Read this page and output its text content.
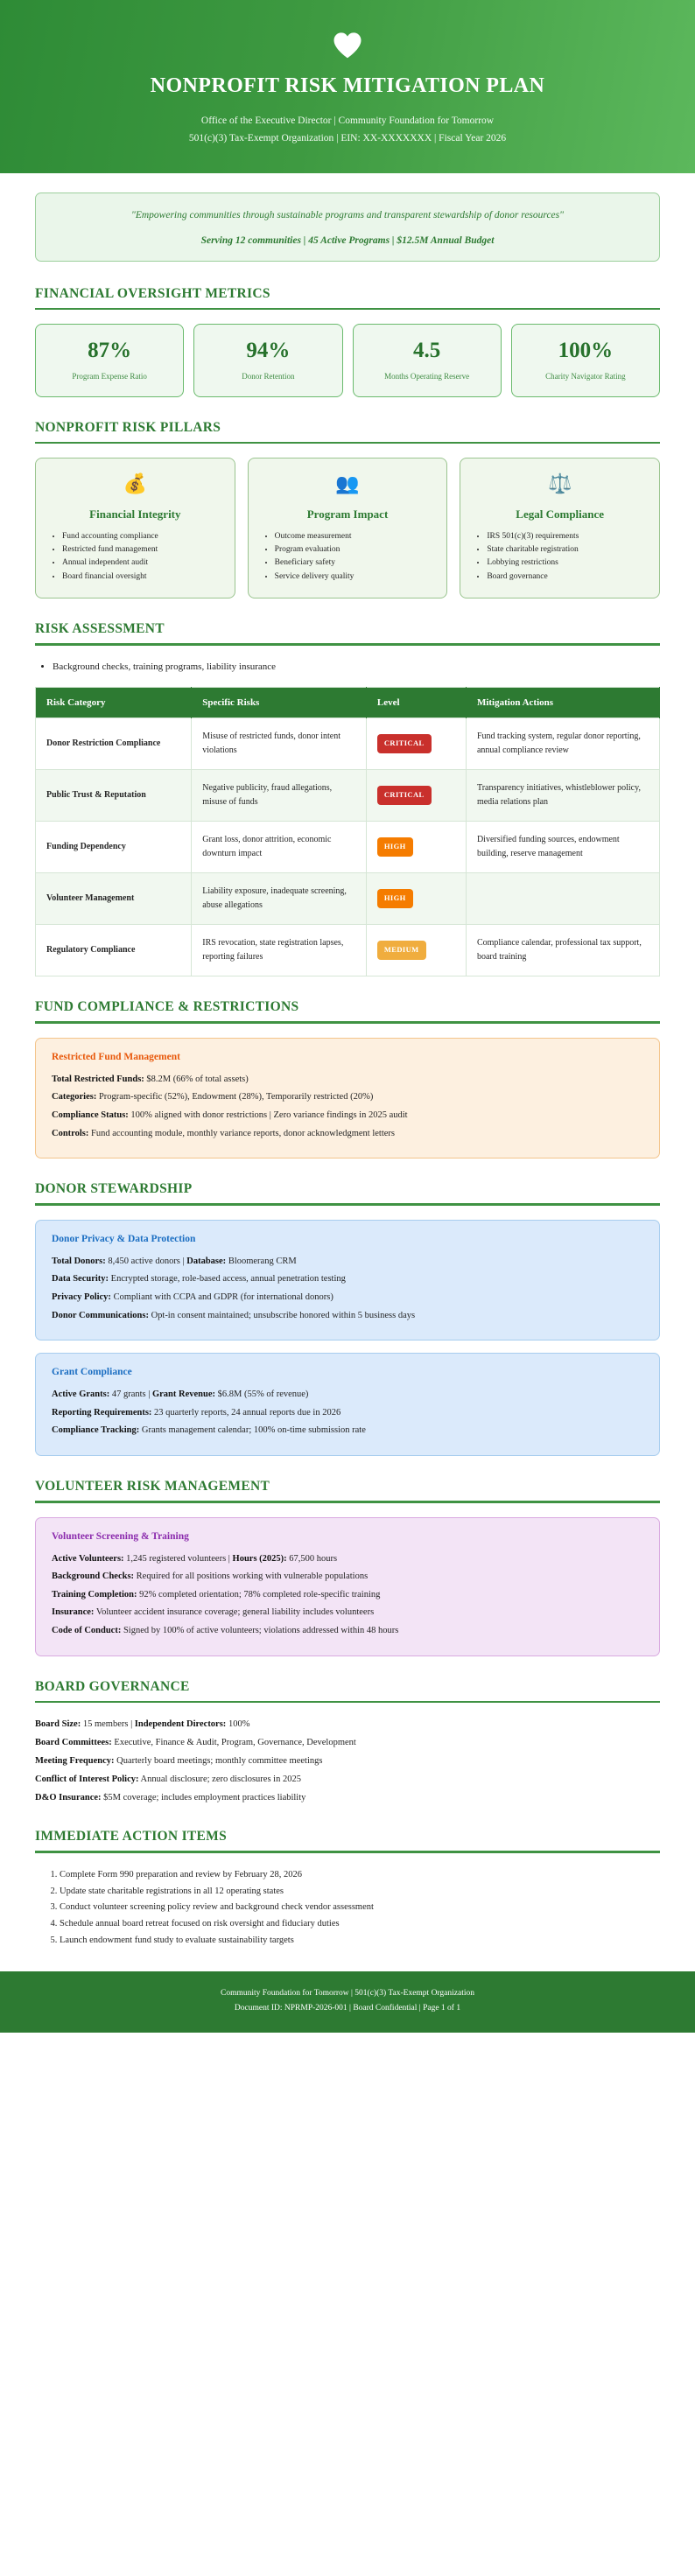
NONPROFIT RISK MITIGATION PLAN
Office of the Executive Director | Community Foundation for Tomorrow
501(c)(3) Tax-Exempt Organization | EIN: XX-XXXXXXX | Fiscal Year 2026
"Empowering communities through sustainable programs and transparent stewardship of donor resources"
Serving 12 communities | 45 Active Programs | $12.5M Annual Budget
FINANCIAL OVERSIGHT METRICS
87%
Program Expense Ratio
94%
Donor Retention
4.5
Months Operating Reserve
100%
Charity Navigator Rating
NONPROFIT RISK PILLARS
💰
Financial Integrity
• Fund accounting compliance
• Restricted fund management
• Annual independent audit
• Board financial oversight
👥
Program Impact
• Outcome measurement
• Program evaluation
• Beneficiary safety
• Service delivery quality
⚖️
Legal Compliance
• IRS 501(c)(3) requirements
• State charitable registration
• Lobbying restrictions
• Board governance
RISK ASSESSMENT
• Background checks, training programs, liability insurance
Risk Category	Specific Risks	Level	Mitigation Actions
Donor Restriction Compliance	Misuse of restricted funds, donor intent violations	CRITICAL	Fund tracking system, regular donor reporting, annual compliance review
Public Trust & Reputation	Negative publicity, fraud allegations, misuse of funds	CRITICAL	Transparency initiatives, whistleblower policy, media relations plan
Funding Dependency	Grant loss, donor attrition, economic downturn impact	HIGH	Diversified funding sources, endowment building, reserve management
Volunteer Management	Liability exposure, inadequate screening, abuse allegations	HIGH	
Regulatory Compliance	IRS revocation, state registration lapses, reporting failures	MEDIUM	Compliance calendar, professional tax support, board training
FUND COMPLIANCE & RESTRICTIONS
Restricted Fund Management

Total Restricted Funds: $8.2M (66% of total assets)

Categories: Program-specific (52%), Endowment (28%), Temporarily restricted (20%)

Compliance Status: 100% aligned with donor restrictions | Zero variance findings in 2025 audit

Controls: Fund accounting module, monthly variance reports, donor acknowledgment letters

DONOR STEWARDSHIP
Donor Privacy & Data Protection

Total Donors: 8,450 active donors | Database: Bloomerang CRM

Data Security: Encrypted storage, role-based access, annual penetration testing

Privacy Policy: Compliant with CCPA and GDPR (for international donors)

Donor Communications: Opt-in consent maintained; unsubscribe honored within 5 business days

Grant Compliance

Active Grants: 47 grants | Grant Revenue: $6.8M (55% of revenue)

Reporting Requirements: 23 quarterly reports, 24 annual reports due in 2026

Compliance Tracking: Grants management calendar; 100% on-time submission rate

VOLUNTEER RISK MANAGEMENT
Volunteer Screening & Training

Active Volunteers: 1,245 registered volunteers | Hours (2025): 67,500 hours

Background Checks: Required for all positions working with vulnerable populations

Training Completion: 92% completed orientation; 78% completed role-specific training

Insurance: Volunteer accident insurance coverage; general liability includes volunteers

Code of Conduct: Signed by 100% of active volunteers; violations addressed within 48 hours

BOARD GOVERNANCE

Board Size: 15 members | Independent Directors: 100%

Board Committees: Executive, Finance & Audit, Program, Governance, Development

Meeting Frequency: Quarterly board meetings; monthly committee meetings

Conflict of Interest Policy: Annual disclosure; zero disclosures in 2025

D&O Insurance: $5M coverage; includes employment practices liability

IMMEDIATE ACTION ITEMS
1. Complete Form 990 preparation and review by February 28, 2026
2. Update state charitable registrations in all 12 operating states
3. Conduct volunteer screening policy review and background check vendor assessment
4. Schedule annual board retreat focused on risk oversight and fiduciary duties
5. Launch endowment fund study to evaluate sustainability targets
Community Foundation for Tomorrow | 501(c)(3) Tax-Exempt Organization
Document ID: NPRMP-2026-001 | Board Confidential | Page 1 of 1
